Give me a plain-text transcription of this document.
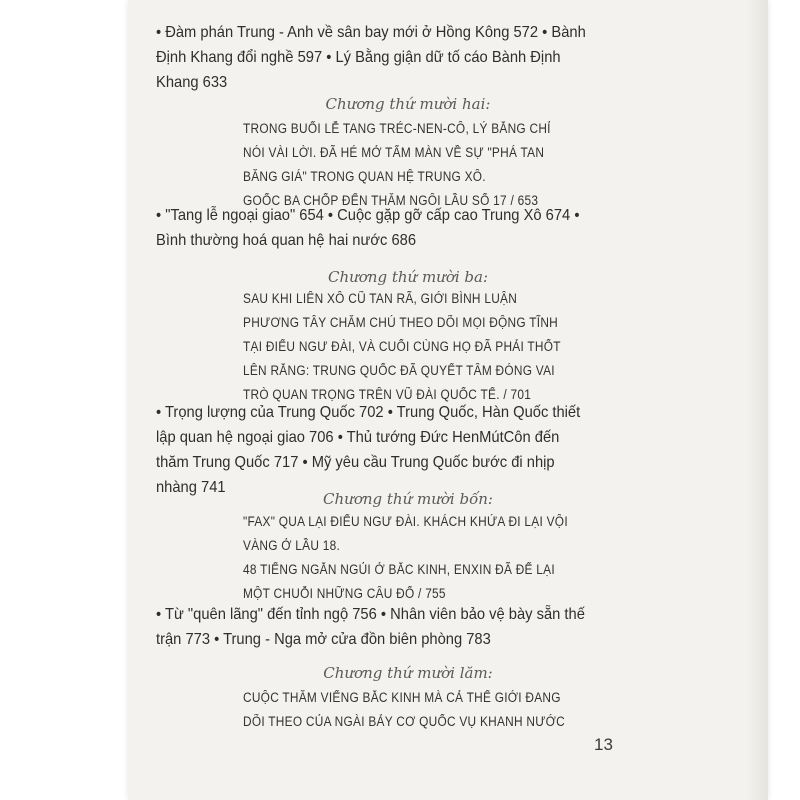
• Đàm phán Trung - Anh về sân bay mới ở Hồng Kông 572 • Bành Định Khang đổi nghề 597 • Lý Bằng giận dữ tố cáo Bành Định Khang 633

Chương thứ mười hai:

TRONG BUỔI LỄ TANG TRÉC-NEN-CÔ, LÝ BẰNG CHỈ
NÓI VÀI LỜI. ĐÃ HÉ MỞ TẤM MÀN VỀ SỰ "PHÁ TAN
BĂNG GIÁ" TRONG QUAN HỆ TRUNG XÔ.
GOỐC BA CHỐP ĐẾN THĂM NGÔI LẦU SỐ 17 / 653

• "Tang lễ ngoại giao" 654 • Cuộc gặp gỡ cấp cao Trung Xô 674 • Bình thường hoá quan hệ hai nước 686

Chương thứ mười ba:

SAU KHI LIÊN XÔ CŨ TAN RÃ, GIỚI BÌNH LUẬN
PHƯƠNG TÂY CHĂM CHÚ THEO DÕI MỌI ĐỘNG TĨNH
TẠI ĐIẾU NGƯ ĐÀI, VÀ CUỐI CÙNG HỌ ĐÃ PHẢI THỐT
LÊN RẰNG: TRUNG QUỐC ĐÃ QUYẾT TÂM ĐÓNG VAI
TRÒ QUAN TRỌNG TRÊN VŨ ĐÀI QUỐC TẾ. / 701

• Trọng lượng của Trung Quốc 702 • Trung Quốc, Hàn Quốc thiết lập quan hệ ngoại giao 706 • Thủ tướng Đức HenMútCôn đến thăm Trung Quốc 717 • Mỹ yêu cầu Trung Quốc bước đi nhịp nhàng 741

Chương thứ mười bốn:

"FAX" QUA LẠI ĐIẾU NGƯ ĐÀI. KHÁCH KHỨA ĐI LẠI VỘI
VÀNG Ở LẦU 18.
48 TIẾNG NGẮN NGỦI Ở BẮC KINH, ENXIN ĐÃ ĐỂ LẠI
MỘT CHUỖI NHỮNG CÂU ĐỐ / 755

• Từ "quên lãng" đến tỉnh ngộ 756 • Nhân viên bảo vệ bày sẵn thế trận 773 • Trung - Nga mở cửa đồn biên phòng 783

Chương thứ mười lăm:

CUỘC THĂM VIẾNG BẮC KINH MÀ CẢ THẾ GIỚI ĐANG
DÕI THEO CỦA NGÀI BẢY CƠ QUỐC VỤ KHANH NƯỚC
13
